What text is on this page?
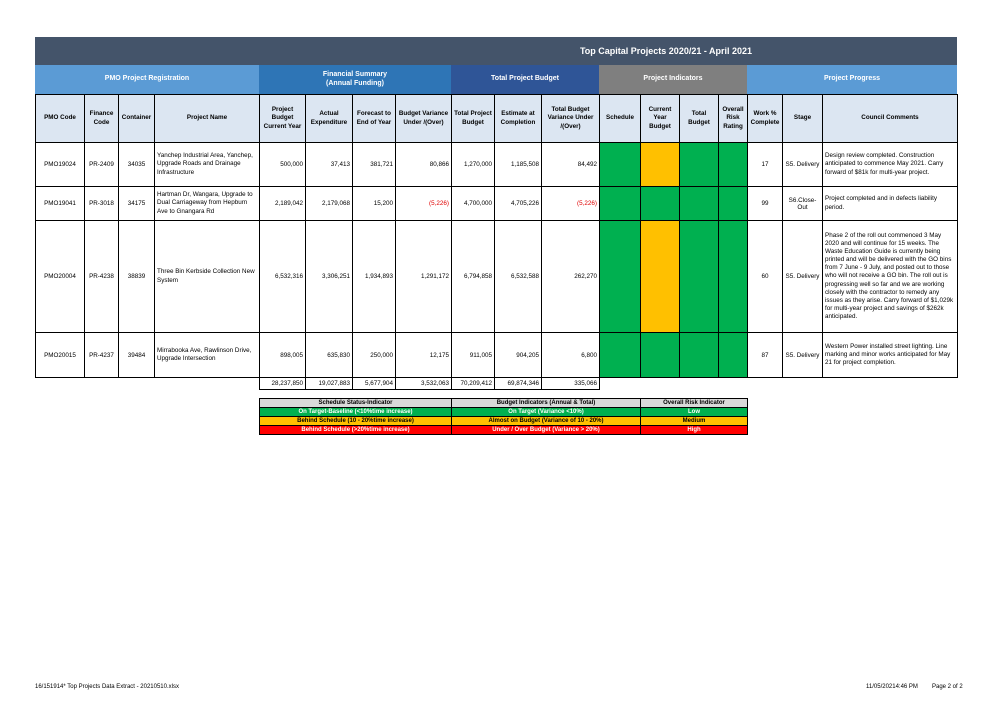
Top Capital Projects 2020/21 - April 2021
PMO Project Registration
Financial Summary
(Annual Funding)
Total Project Budget	Project Indicators	Project Progress
PMO Code	Finance Code	Container	Project Name	Project Budget Current Year	Actual Expenditure	Forecast to End of Year	Budget Variance Under /(Over)	Total Project Budget	Estimate at Completion	Total Budget Variance Under /(Over)	Schedule	Current Year Budget	Total Budget	Overall Risk Rating	Work % Complete	Stage	Council Comments
PMO19024	PR-2409	34035	Yanchep Industrial Area, Yanchep, Upgrade Roads and Drainage Infrastructure	500,000	37,413	381,721	80,866	1,270,000	1,185,508	84,492					17	S5. Delivery	Design review completed. Construction anticipated to commence May 2021. Carry forward of $81k for multi-year project.
PMO19041	PR-3018	34175	Hartman Dr, Wangara, Upgrade to Dual Carriageway from Hepburn Ave to Gnangara Rd	2,189,042	2,179,068	15,200	(5,226)	4,700,000	4,705,226	(5,226)					99	S6.Close-Out	Project completed and in defects liability period.
PMO20004	PR-4238	38839	Three Bin Kerbside Collection New System	6,532,316	3,306,251	1,934,893	1,291,172	6,794,858	6,532,588	262,270					60	S5. Delivery	Phase 2 of the roll out commenced 3 May 2020 and will continue for 15 weeks. The Waste Education Guide is currently being printed and will be delivered with the GO bins from 7 June - 9 July, and posted out to those who will not receive a GO bin. The roll out is progressing well so far and we are working closely with the contractor to remedy any issues as they arise. Carry forward of $1,029k for multi-year project and savings of $262k anticipated.
PMO20015	PR-4237	39484	Mirrabooka Ave, Rawlinson Drive, Upgrade Intersection	898,005	635,830	250,000	12,175	911,005	904,205	6,800					87	S5. Delivery	Western Power installed street lighting. Line marking and minor works anticipated for May 21 for project completion.
				28,237,850	19,027,883	5,677,904	3,532,063	70,209,412	69,874,346	335,066							
Schedule Status-Indicator	Budget Indicators (Annual & Total)	Overall Risk Indicator
On Target-Baseline (<10%time increase)	On Target (Variance <10%)	Low
Behind Schedule (10 - 20%time increase)	Almost on Budget (Variance of 10 - 20%)	Medium
Behind Schedule (>20%time increase)	Under / Over Budget (Variance > 20%)	High
16/151914* Top Projects Data Extract - 20210510.xlsx	11/05/20214:46 PM Page 2 of 2
